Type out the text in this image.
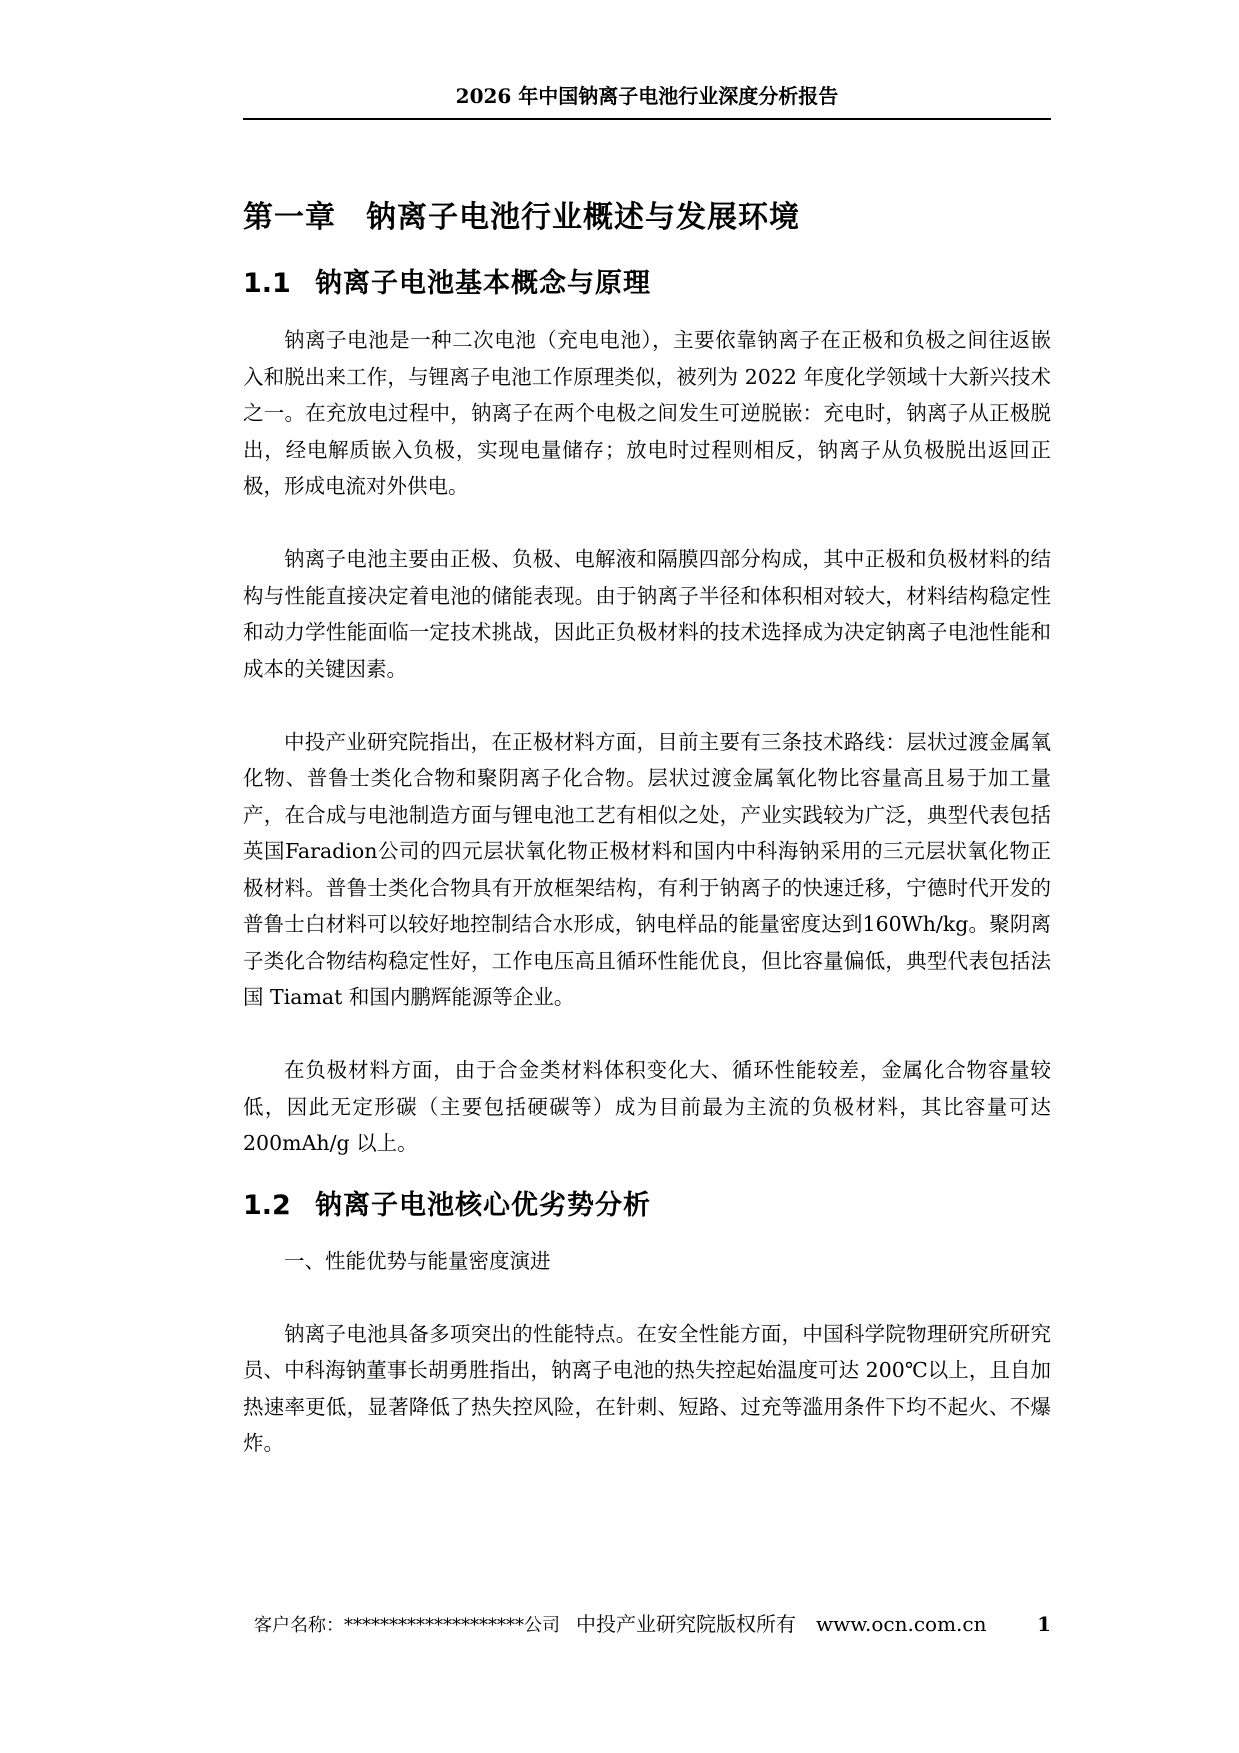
2026 年中国钠离子电池行业深度分析报告
第一章 钠离子电池行业概述与发展环境
1.1 钠离子电池基本概念与原理

钠离子电池是一种二次电池（充电电池），主要依靠钠离子在正极和负极之间往返嵌入和脱出来工作，与锂离子电池工作原理类似，被列为 2022 年度化学领域十大新兴技术之一。在充放电过程中，钠离子在两个电极之间发生可逆脱嵌：充电时，钠离子从正极脱出，经电解质嵌入负极，实现电量储存；放电时过程则相反，钠离子从负极脱出返回正极，形成电流对外供电。

钠离子电池主要由正极、负极、电解液和隔膜四部分构成，其中正极和负极材料的结构与性能直接决定着电池的储能表现。由于钠离子半径和体积相对较大，材料结构稳定性和动力学性能面临一定技术挑战，因此正负极材料的技术选择成为决定钠离子电池性能和成本的关键因素。

中投产业研究院指出，在正极材料方面，目前主要有三条技术路线：层状过渡金属氧化物、普鲁士类化合物和聚阴离子化合物。层状过渡金属氧化物比容量高且易于加工量产，在合成与电池制造方面与锂电池工艺有相似之处，产业实践较为广泛，典型代表包括英国Faradion公司的四元层状氧化物正极材料和国内中科海钠采用的三元层状氧化物正极材料。普鲁士类化合物具有开放框架结构，有利于钠离子的快速迁移，宁德时代开发的普鲁士白材料可以较好地控制结合水形成，钠电样品的能量密度达到160Wh/kg。聚阴离子类化合物结构稳定性好，工作电压高且循环性能优良，但比容量偏低，典型代表包括法国 Tiamat 和国内鹏辉能源等企业。

在负极材料方面，由于合金类材料体积变化大、循环性能较差，金属化合物容量较低，因此无定形碳（主要包括硬碳等）成为目前最为主流的负极材料，其比容量可达 200mAh/g 以上。

1.2 钠离子电池核心优劣势分析

一、性能优势与能量密度演进

钠离子电池具备多项突出的性能特点。在安全性能方面，中国科学院物理研究所研究员、中科海钠董事长胡勇胜指出，钠离子电池的热失控起始温度可达 200℃以上，且自加热速率更低，显著降低了热失控风险，在针刺、短路、过充等滥用条件下均不起火、不爆炸。

客户名称：********************公司 中投产业研究院版权所有 www.ocn.com.cn	1
